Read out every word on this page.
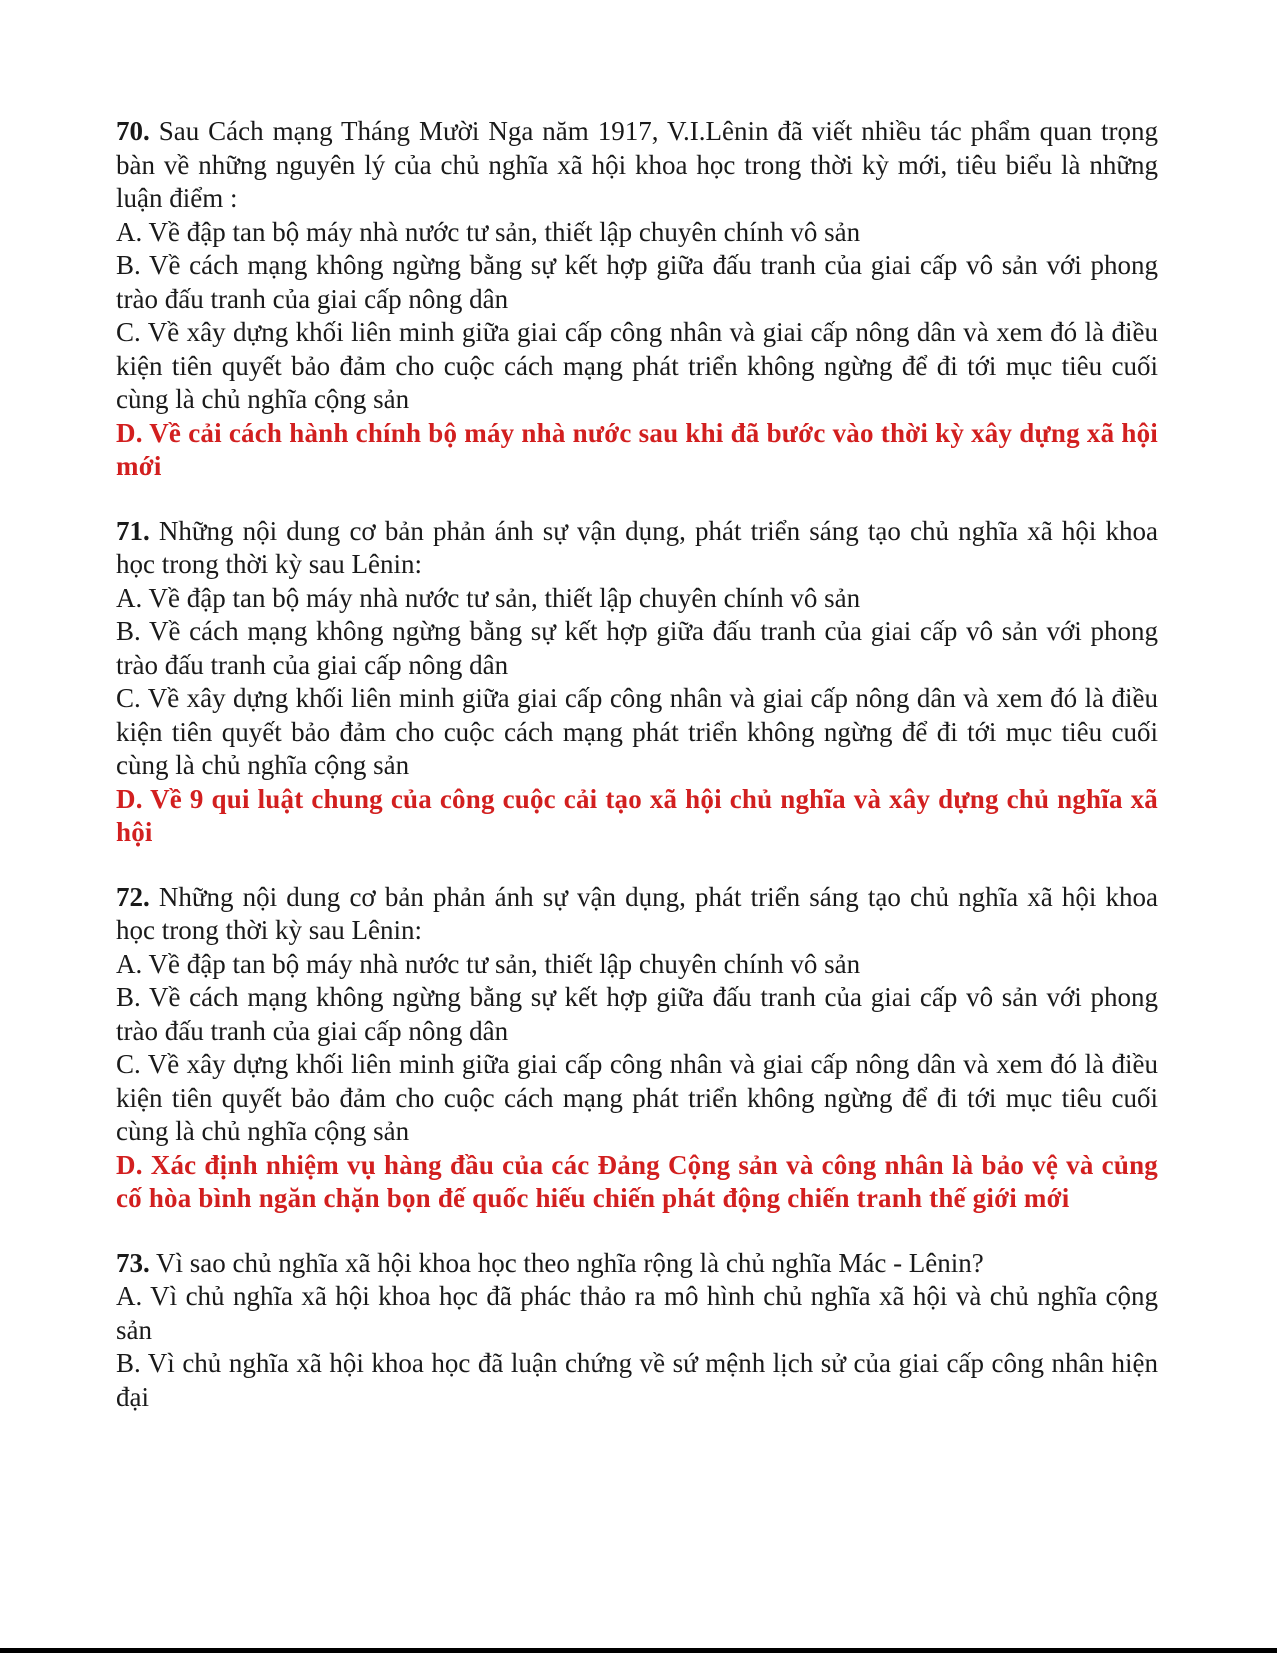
70. Sau Cách mạng Tháng Mười Nga năm 1917, V.I.Lênin đã viết nhiều tác phẩm quan trọng bàn về những nguyên lý của chủ nghĩa xã hội khoa học trong thời kỳ mới, tiêu biểu là những luận điểm :

A. Về đập tan bộ máy nhà nước tư sản, thiết lập chuyên chính vô sản

B. Về cách mạng không ngừng bằng sự kết hợp giữa đấu tranh của giai cấp vô sản với phong trào đấu tranh của giai cấp nông dân

C. Về xây dựng khối liên minh giữa giai cấp công nhân và giai cấp nông dân và xem đó là điều kiện tiên quyết bảo đảm cho cuộc cách mạng phát triển không ngừng để đi tới mục tiêu cuối cùng là chủ nghĩa cộng sản

D. Về cải cách hành chính bộ máy nhà nước sau khi đã bước vào thời kỳ xây dựng xã hội mới

71. Những nội dung cơ bản phản ánh sự vận dụng, phát triển sáng tạo chủ nghĩa xã hội khoa học trong thời kỳ sau Lênin:

A. Về đập tan bộ máy nhà nước tư sản, thiết lập chuyên chính vô sản

B. Về cách mạng không ngừng bằng sự kết hợp giữa đấu tranh của giai cấp vô sản với phong trào đấu tranh của giai cấp nông dân

C. Về xây dựng khối liên minh giữa giai cấp công nhân và giai cấp nông dân và xem đó là điều kiện tiên quyết bảo đảm cho cuộc cách mạng phát triển không ngừng để đi tới mục tiêu cuối cùng là chủ nghĩa cộng sản

D. Về 9 qui luật chung của công cuộc cải tạo xã hội chủ nghĩa và xây dựng chủ nghĩa xã hội

72. Những nội dung cơ bản phản ánh sự vận dụng, phát triển sáng tạo chủ nghĩa xã hội khoa học trong thời kỳ sau Lênin:

A. Về đập tan bộ máy nhà nước tư sản, thiết lập chuyên chính vô sản

B. Về cách mạng không ngừng bằng sự kết hợp giữa đấu tranh của giai cấp vô sản với phong trào đấu tranh của giai cấp nông dân

C. Về xây dựng khối liên minh giữa giai cấp công nhân và giai cấp nông dân và xem đó là điều kiện tiên quyết bảo đảm cho cuộc cách mạng phát triển không ngừng để đi tới mục tiêu cuối cùng là chủ nghĩa cộng sản

D. Xác định nhiệm vụ hàng đầu của các Đảng Cộng sản và công nhân là bảo vệ và củng cố hòa bình ngăn chặn bọn đế quốc hiếu chiến phát động chiến tranh thế giới mới

73. Vì sao chủ nghĩa xã hội khoa học theo nghĩa rộng là chủ nghĩa Mác - Lênin?

A. Vì chủ nghĩa xã hội khoa học đã phác thảo ra mô hình chủ nghĩa xã hội và chủ nghĩa cộng sản

B. Vì chủ nghĩa xã hội khoa học đã luận chứng về sứ mệnh lịch sử của giai cấp công nhân hiện đại
